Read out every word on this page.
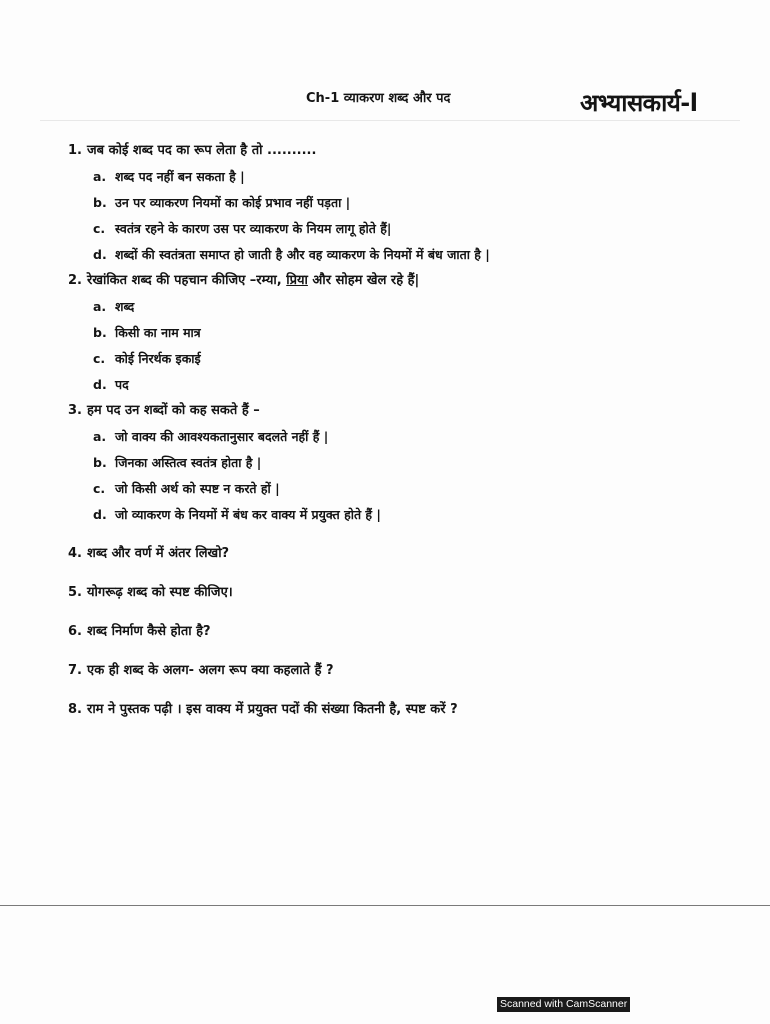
Ch-1 व्याकरण शब्द और पद	अभ्यासकार्य-l
1. जब कोई शब्द पद का रूप लेता है तो ..........
a. शब्द पद नहीं बन सकता है |
b. उन पर व्याकरण नियमों का कोई प्रभाव नहीं पड़ता |
c. स्वतंत्र रहने के कारण उस पर व्याकरण के नियम लागू होते हैं|
d. शब्दों की स्वतंत्रता समाप्त हो जाती है और वह व्याकरण के नियमों में बंध जाता है |
2. रेखांकित शब्द की पहचान कीजिए –रम्या, प्रिया और सोहम खेल रहे हैं|
a. शब्द
b. किसी का नाम मात्र
c. कोई निरर्थक इकाई
d. पद
3. हम पद उन शब्दों को कह सकते हैं –
a. जो वाक्य की आवश्यकतानुसार बदलते नहीं हैं |
b. जिनका अस्तित्व स्वतंत्र होता है |
c. जो किसी अर्थ को स्पष्ट न करते हों |
d. जो व्याकरण के नियमों में बंध कर वाक्य में प्रयुक्त होते हैं |
4. शब्द और वर्ण में अंतर लिखो?
5. योगरूढ़ शब्द को स्पष्ट कीजिए।
6. शब्द निर्माण कैसे होता है?
7. एक ही शब्द के अलग- अलग रूप क्या कहलाते हैं ?
8. राम ने पुस्तक पढ़ी । इस वाक्य में प्रयुक्त पदों की संख्या कितनी है, स्पष्ट करें ?
Scanned with CamScanner
